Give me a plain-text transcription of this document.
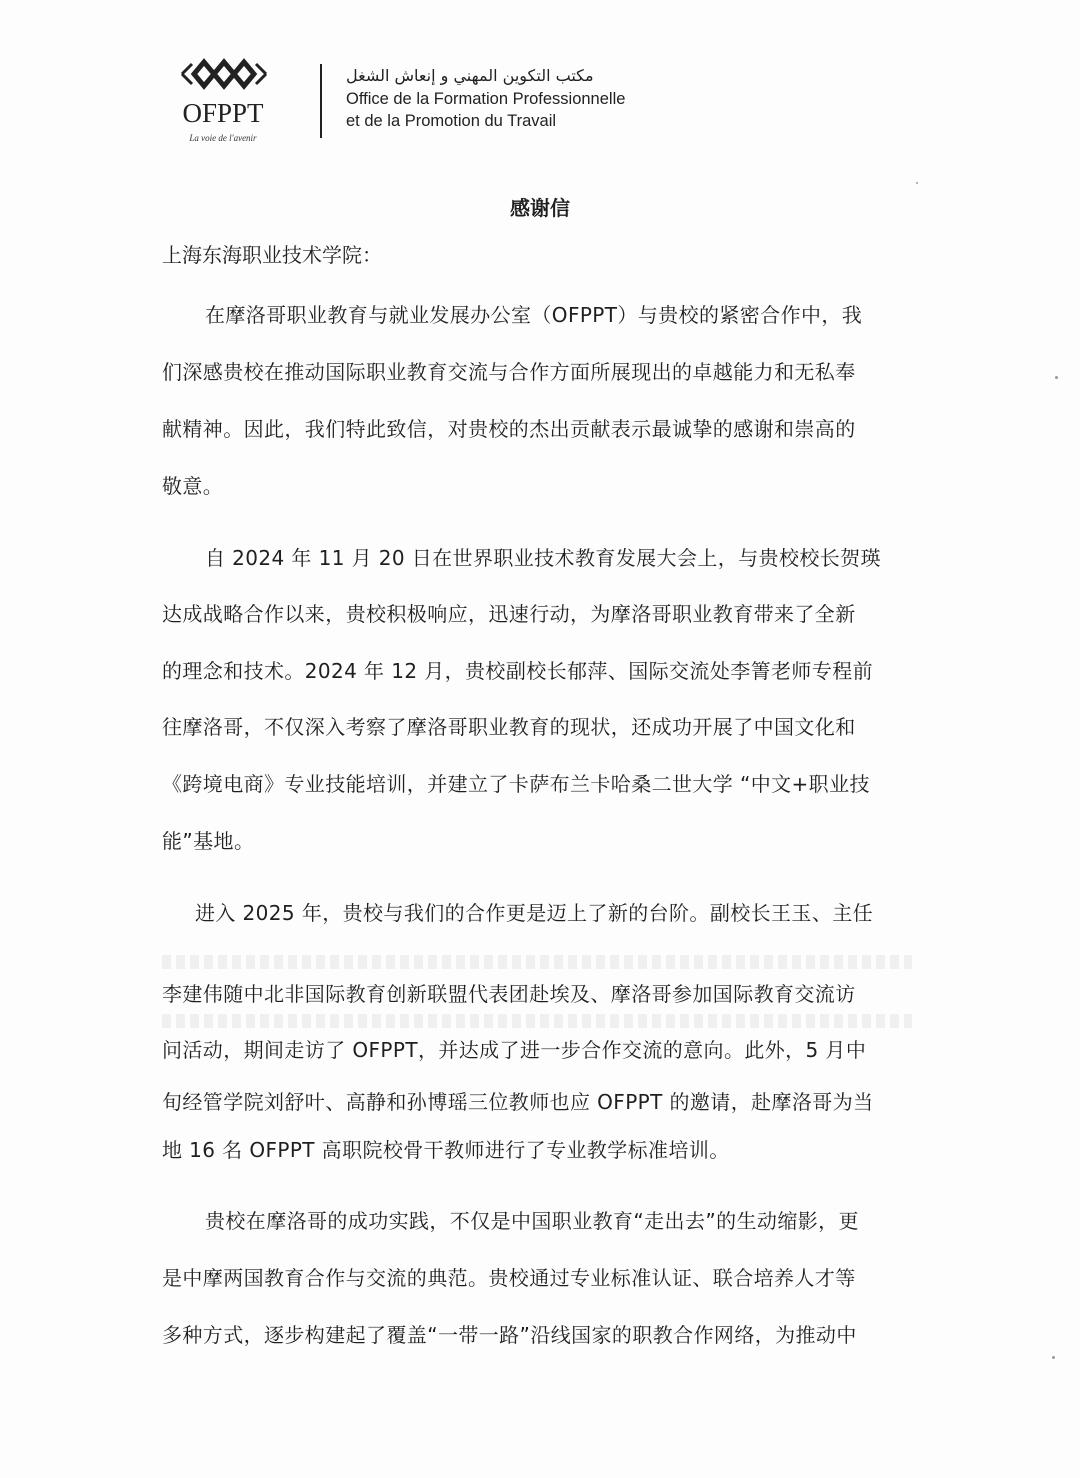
OFPPT
La voie de l'avenir
مكتب التكوين المهني و إنعاش الشغل
Office de la Formation Professionnelle
et de la Promotion du Travail
感谢信
上海东海职业技术学院：
在摩洛哥职业教育与就业发展办公室（OFPPT）与贵校的紧密合作中，我
们深感贵校在推动国际职业教育交流与合作方面所展现出的卓越能力和无私奉
献精神。因此，我们特此致信，对贵校的杰出贡献表示最诚挚的感谢和崇高的
敬意。
自 2024 年 11 月 20 日在世界职业技术教育发展大会上，与贵校校长贺瑛
达成战略合作以来，贵校积极响应，迅速行动，为摩洛哥职业教育带来了全新
的理念和技术。2024 年 12 月，贵校副校长郁萍、国际交流处李箐老师专程前
往摩洛哥，不仅深入考察了摩洛哥职业教育的现状，还成功开展了中国文化和
《跨境电商》专业技能培训，并建立了卡萨布兰卡哈桑二世大学 “中文+职业技
能”基地。
进入 2025 年，贵校与我们的合作更是迈上了新的台阶。副校长王玉、主任
李建伟随中北非国际教育创新联盟代表团赴埃及、摩洛哥参加国际教育交流访
问活动，期间走访了 OFPPT，并达成了进一步合作交流的意向。此外，5 月中
旬经管学院刘舒叶、高静和孙博瑶三位教师也应 OFPPT 的邀请，赴摩洛哥为当
地 16 名 OFPPT 高职院校骨干教师进行了专业教学标准培训。
贵校在摩洛哥的成功实践，不仅是中国职业教育“走出去”的生动缩影，更
是中摩两国教育合作与交流的典范。贵校通过专业标准认证、联合培养人才等
多种方式，逐步构建起了覆盖“一带一路”沿线国家的职教合作网络，为推动中
